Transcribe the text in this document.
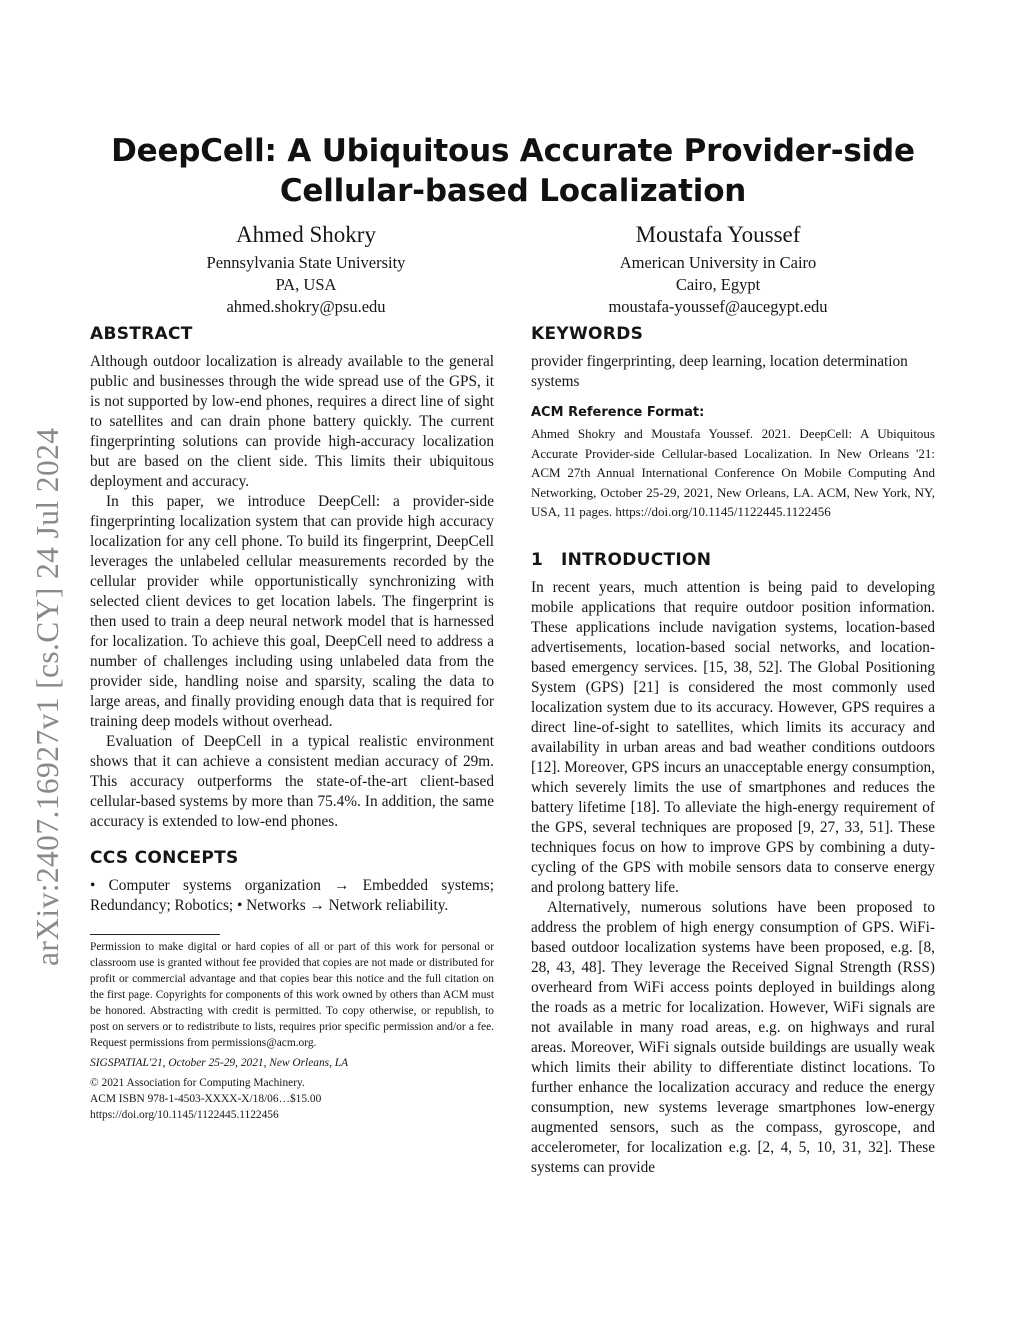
arXiv:2407.16927v1 [cs.CY] 24 Jul 2024
DeepCell: A Ubiquitous Accurate Provider-side Cellular-based Localization
Ahmed Shokry
Pennsylvania State University
PA, USA
ahmed.shokry@psu.edu
Moustafa Youssef
American University in Cairo
Cairo, Egypt
moustafa-youssef@aucegypt.edu
ABSTRACT

Although outdoor localization is already available to the general public and businesses through the wide spread use of the GPS, it is not supported by low-end phones, requires a direct line of sight to satellites and can drain phone battery quickly. The current fingerprinting solutions can provide high-accuracy localization but are based on the client side. This limits their ubiquitous deployment and accuracy.

In this paper, we introduce DeepCell: a provider-side fingerprinting localization system that can provide high accuracy localization for any cell phone. To build its fingerprint, DeepCell leverages the unlabeled cellular measurements recorded by the cellular provider while opportunistically synchronizing with selected client devices to get location labels. The fingerprint is then used to train a deep neural network model that is harnessed for localization. To achieve this goal, DeepCell need to address a number of challenges including using unlabeled data from the provider side, handling noise and sparsity, scaling the data to large areas, and finally providing enough data that is required for training deep models without overhead.

Evaluation of DeepCell in a typical realistic environment shows that it can achieve a consistent median accuracy of 29m. This accuracy outperforms the state-of-the-art client-based cellular-based systems by more than 75.4%. In addition, the same accuracy is extended to low-end phones.

CCS CONCEPTS

• Computer systems organization → Embedded systems; Redundancy; Robotics; • Networks → Network reliability.

Permission to make digital or hard copies of all or part of this work for personal or classroom use is granted without fee provided that copies are not made or distributed for profit or commercial advantage and that copies bear this notice and the full citation on the first page. Copyrights for components of this work owned by others than ACM must be honored. Abstracting with credit is permitted. To copy otherwise, or republish, to post on servers or to redistribute to lists, requires prior specific permission and/or a fee. Request permissions from permissions@acm.org.

SIGSPATIAL'21, October 25-29, 2021, New Orleans, LA

© 2021 Association for Computing Machinery.

ACM ISBN 978-1-4503-XXXX-X/18/06…$15.00

https://doi.org/10.1145/1122445.1122456

KEYWORDS

provider fingerprinting, deep learning, location determination systems

ACM Reference Format:

Ahmed Shokry and Moustafa Youssef. 2021. DeepCell: A Ubiquitous Accurate Provider-side Cellular-based Localization. In New Orleans '21: ACM 27th Annual International Conference On Mobile Computing And Networking, October 25-29, 2021, New Orleans, LA. ACM, New York, NY, USA, 11 pages. https://doi.org/10.1145/1122445.1122456

1 INTRODUCTION

In recent years, much attention is being paid to developing mobile applications that require outdoor position information. These applications include navigation systems, location-based advertisements, location-based social networks, and location-based emergency services. [15, 38, 52]. The Global Positioning System (GPS) [21] is considered the most commonly used localization system due to its accuracy. However, GPS requires a direct line-of-sight to satellites, which limits its accuracy and availability in urban areas and bad weather conditions outdoors [12]. Moreover, GPS incurs an unacceptable energy consumption, which severely limits the use of smartphones and reduces the battery lifetime [18]. To alleviate the high-energy requirement of the GPS, several techniques are proposed [9, 27, 33, 51]. These techniques focus on how to improve GPS by combining a duty-cycling of the GPS with mobile sensors data to conserve energy and prolong battery life.

Alternatively, numerous solutions have been proposed to address the problem of high energy consumption of GPS. WiFi-based outdoor localization systems have been proposed, e.g. [8, 28, 43, 48]. They leverage the Received Signal Strength (RSS) overheard from WiFi access points deployed in buildings along the roads as a metric for localization. However, WiFi signals are not available in many road areas, e.g. on highways and rural areas. Moreover, WiFi signals outside buildings are usually weak which limits their ability to differentiate distinct locations. To further enhance the localization accuracy and reduce the energy consumption, new systems leverage smartphones low-energy augmented sensors, such as the compass, gyroscope, and accelerometer, for localization e.g. [2, 4, 5, 10, 31, 32]. These systems can provide
